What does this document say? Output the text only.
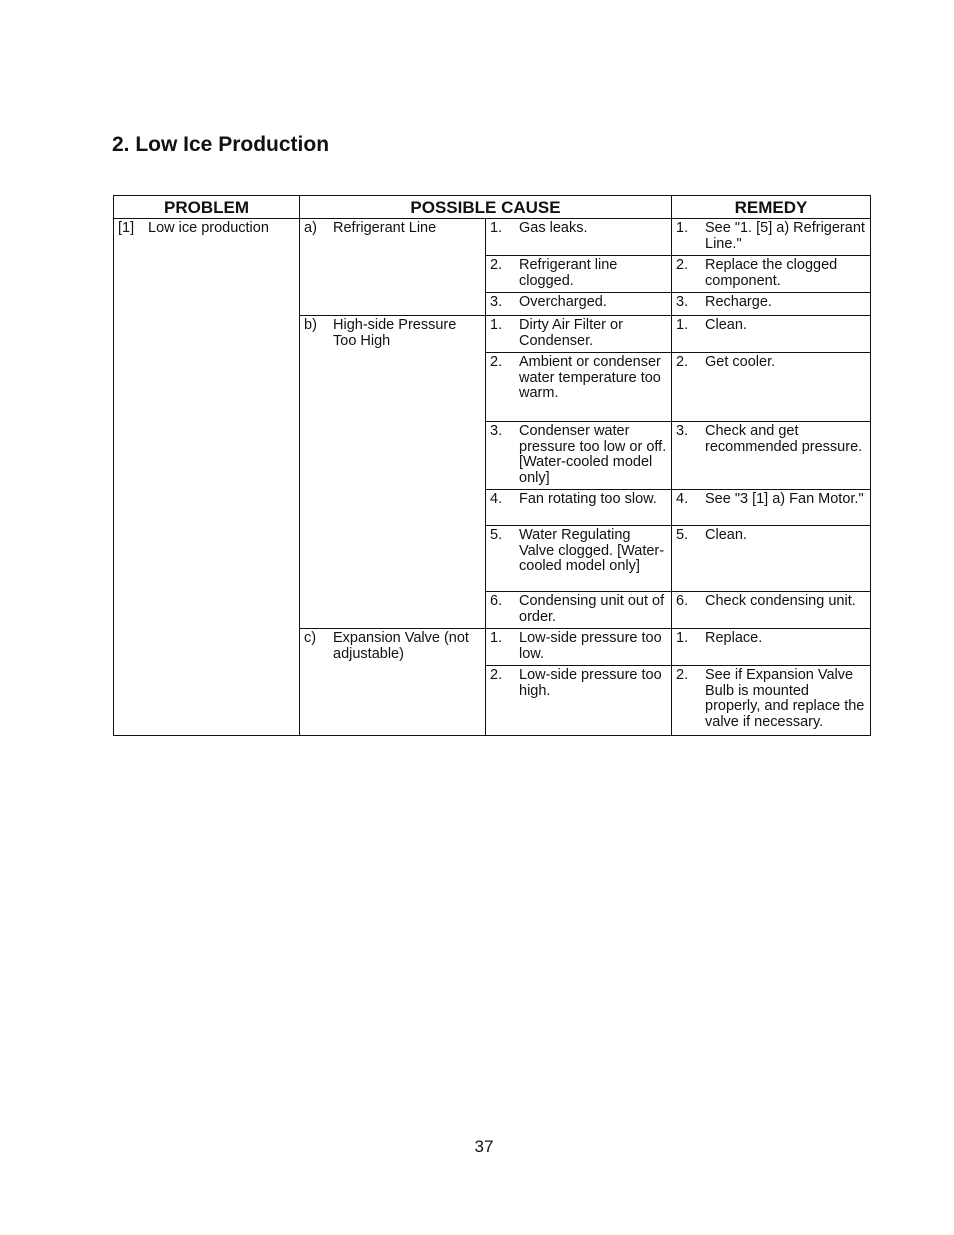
2. Low Ice Production
PROBLEM	POSSIBLE CAUSE		REMEDY

[1] Low ice production	a) Refrigerant Line	1. Gas leaks.	1. See "1. [5] a) Refrigerant Line."

		2. Refrigerant line clogged.	2. Replace the clogged component.

		3. Overcharged.	3. Recharge.

	b) High-side Pressure Too High	1. Dirty Air Filter or Condenser.	1. Clean.

		2. Ambient or condenser water temperature too warm.	2. Get cooler.

		3. Condenser water pressure too low or off. [Water-cooled model only]	3. Check and get recommended pressure.

		4. Fan rotating too slow.	4. See "3 [1] a) Fan Motor."

		5. Water Regulating Valve clogged. [Water-cooled model only]	5. Clean.

		6. Condensing unit out of order.	6. Check condensing unit.

	c) Expansion Valve (not adjustable)	1. Low-side pressure too low.	1. Replace.

		2. Low-side pressure too high.	2. See if Expansion Valve Bulb is mounted properly, and replace the valve if necessary.
37
